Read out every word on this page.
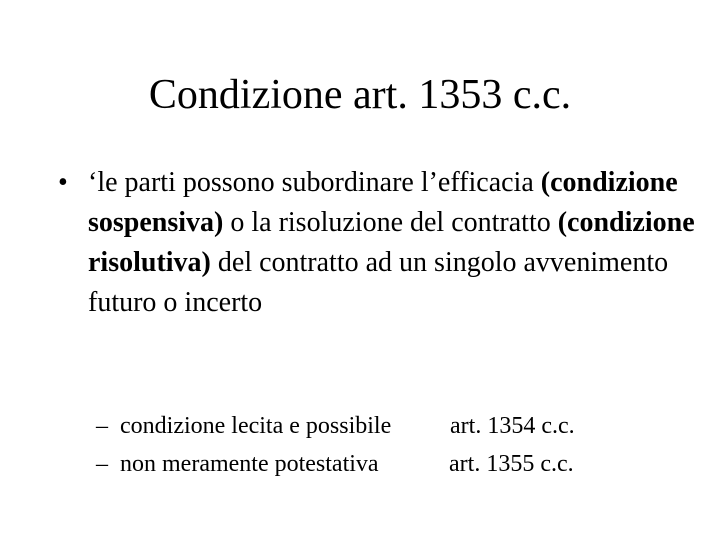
Condizione art. 1353 c.c.
• ‘le parti possono subordinare l’efficacia (condizione sospensiva) o la risoluzione del contratto (condizione risolutiva) del contratto ad un singolo avvenimento futuro o incerto
– condizione lecita e possibile art. 1354 c.c.
– non meramente potestativa	art. 1355 c.c.
